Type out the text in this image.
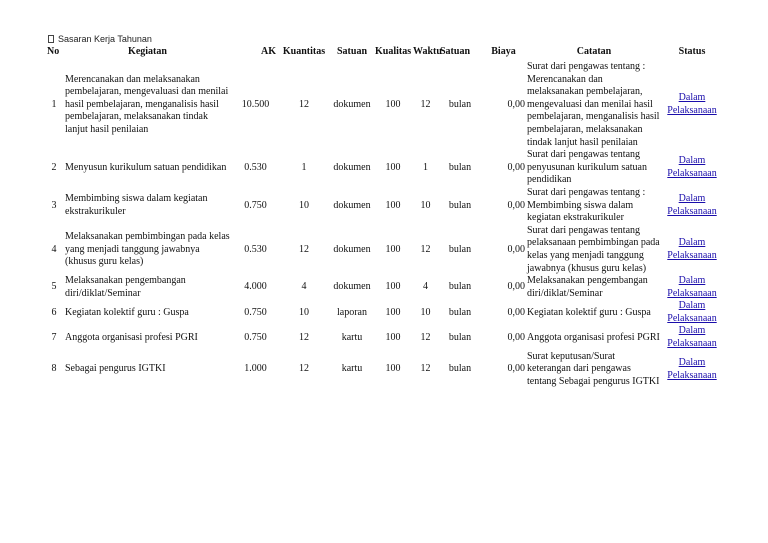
Sasaran Kerja Tahunan
No	Kegiatan	AK	Kuantitas	Satuan	Kualitas	Waktu	Satuan	Biaya	Catatan	Status
1	Merencanakan dan melaksanakan pembelajaran, mengevaluasi dan menilai hasil pembelajaran, menganalisis hasil pembelajaran, melaksanakan tindak lanjut hasil penilaian	10.500	12	dokumen	100	12	bulan	0,00	Surat dari pengawas tentang : Merencanakan dan melaksanakan pembelajaran, mengevaluasi dan menilai hasil pembelajaran, menganalisis hasil pembelajaran, melaksanakan tindak lanjut hasil penilaian	Dalam Pelaksanaan
2	Menyusun kurikulum satuan pendidikan	0.530	1	dokumen	100	1	bulan	0,00	Surat dari pengawas tentang penyusunan kurikulum satuan pendidikan	Dalam Pelaksanaan
3	Membimbing siswa dalam kegiatan ekstrakurikuler	0.750	10	dokumen	100	10	bulan	0,00	Surat dari pengawas tentang : Membimbing siswa dalam kegiatan ekstrakurikuler	Dalam Pelaksanaan
4	Melaksanakan pembimbingan pada kelas yang menjadi tanggung jawabnya (khusus guru kelas)	0.530	12	dokumen	100	12	bulan	0,00	Surat dari pengawas tentang pelaksanaan pembimbingan pada kelas yang menjadi tanggung jawabnya (khusus guru kelas)	Dalam Pelaksanaan
5	Melaksanakan pengembangan diri/diklat/Seminar	4.000	4	dokumen	100	4	bulan	0,00	Melaksanakan pengembangan diri/diklat/Seminar	Dalam Pelaksanaan
6	Kegiatan kolektif guru : Guspa	0.750	10	laporan	100	10	bulan	0,00	Kegiatan kolektif guru : Guspa	Dalam Pelaksanaan
7	Anggota organisasi profesi PGRI	0.750	12	kartu	100	12	bulan	0,00	Anggota organisasi profesi PGRI	Dalam Pelaksanaan
8	Sebagai pengurus IGTKI	1.000	12	kartu	100	12	bulan	0,00	Surat keputusan/Surat keterangan dari pengawas tentang Sebagai pengurus IGTKI	Dalam Pelaksanaan
